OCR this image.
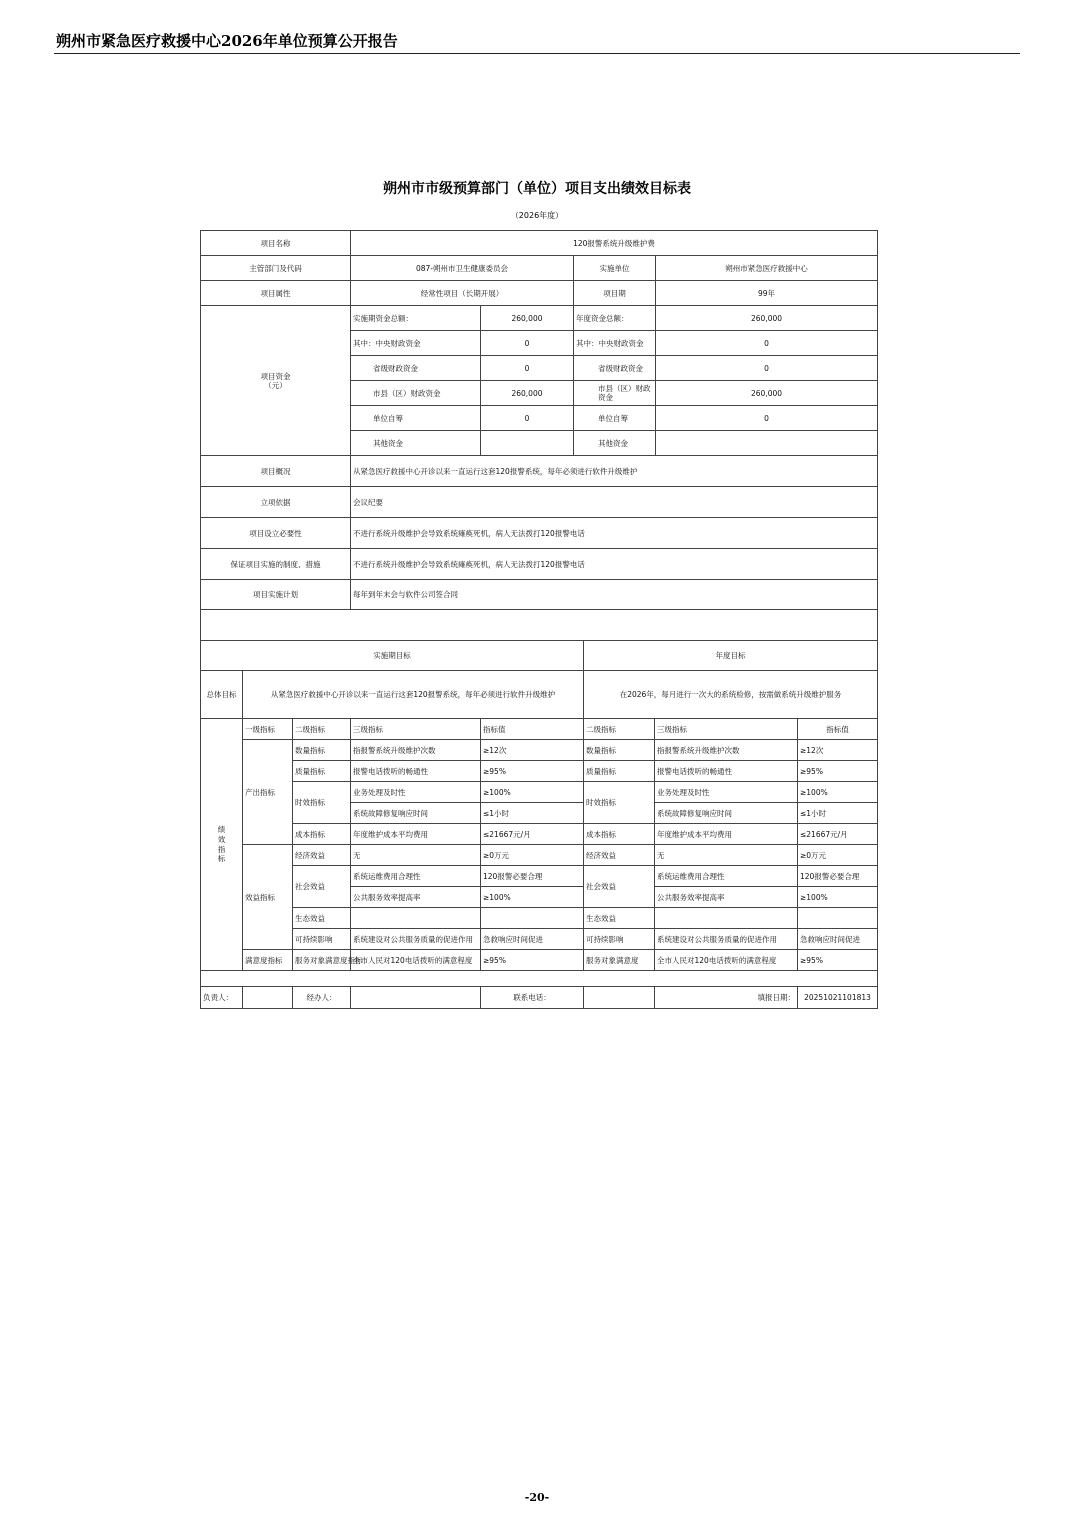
朔州市紧急医疗救援中心2026年单位预算公开报告
朔州市市级预算部门（单位）项目支出绩效目标表
（2026年度）
项目名称	120报警系统升级维护费			
主管部门及代码	087-朔州市卫生健康委员会		实施单位	朔州市紧急医疗救援中心
项目属性	经常性项目（长期开展）		项目期	99年
项目资金
（元）	实施期资金总额：	260,000	年度资金总额：	260,000
	其中：中央财政资金	0	其中：中央财政资金	0
	省级财政资金	0	省级财政资金	0
	市县（区）财政资金	260,000	市县（区）财政资金	260,000
	单位自筹	0	单位自筹	0
	其他资金		其他资金	
项目概况	从紧急医疗救援中心开诊以来一直运行这套120报警系统，每年必须进行软件升级维护			
立项依据	会议纪要			
项目设立必要性	不进行系统升级维护会导致系统瘫痪死机，病人无法拨打120报警电话			
保证项目实施的制度、措施	不进行系统升级维护会导致系统瘫痪死机，病人无法拨打120报警电话			
项目实施计划	每年到年末会与软件公司签合同			

实施期目标					年度目标		
总体目标	从紧急医疗救援中心开诊以来一直运行这套120报警系统，每年必须进行软件升级维护				在2026年，每月进行一次大的系统检修，按需做系统升级维护服务		
绩
效
指
标	一级指标	二级指标	三级指标	指标值	二级指标	三级指标	指标值
	产出指标	数量指标	指报警系统升级维护次数	≥12次	数量指标	指报警系统升级维护次数	≥12次
		质量指标	报警电话拨听的畅通性	≥95%	质量指标	报警电话拨听的畅通性	≥95%
		时效指标	业务处理及时性	≥100%	时效指标	业务处理及时性	≥100%
			系统故障修复响应时间	≤1小时		系统故障修复响应时间	≤1小时
		成本指标	年度维护成本平均费用	≤21667元/月	成本指标	年度维护成本平均费用	≤21667元/月
	效益指标	经济效益	无	≥0万元	经济效益	无	≥0万元
		社会效益	系统运维费用合理性	120报警必要合理	社会效益	系统运维费用合理性	120报警必要合理
			公共服务效率提高率	≥100%		公共服务效率提高率	≥100%
		生态效益			生态效益		
		可持续影响	系统建设对公共服务质量的促进作用	急救响应时间促进	可持续影响	系统建设对公共服务质量的促进作用	急救响应时间促进
	满意度指标	服务对象满意度指标	全市人民对120电话拨听的满意程度	≥95%	服务对象满意度	全市人民对120电话拨听的满意程度	≥95%

负责人：		经办人：		联系电话：		填报日期：	20251021101813
-20-
